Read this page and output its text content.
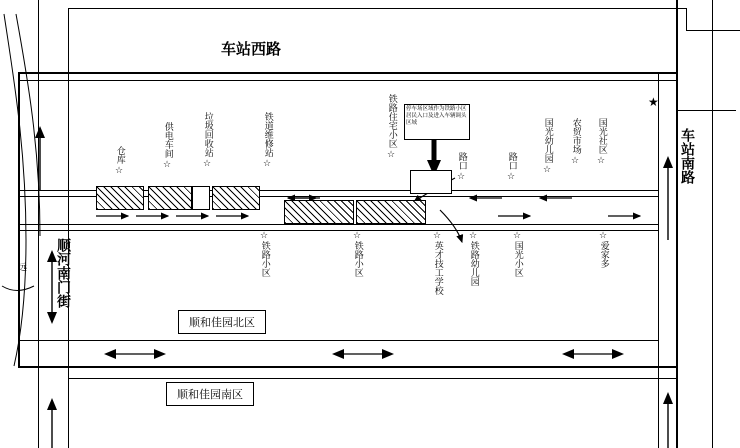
车站西路
停车场区域作为铁路小区居民入口及进入车辆调头区域
仓库
☆
供电车间
☆
垃圾回收站
☆
铁道维修站
☆
铁路住宅小区
☆	路口
☆
路口
☆
国光幼儿园
☆
农贸市场
☆
国光社区
☆
☆
铁路小区
☆
铁路小区
☆
英才技工学校
☆
铁路幼儿园
☆
国光小区
☆
爱家多
顺和佳园北区
顺和佳园南区
车站南路
顺河南门街
远
★
